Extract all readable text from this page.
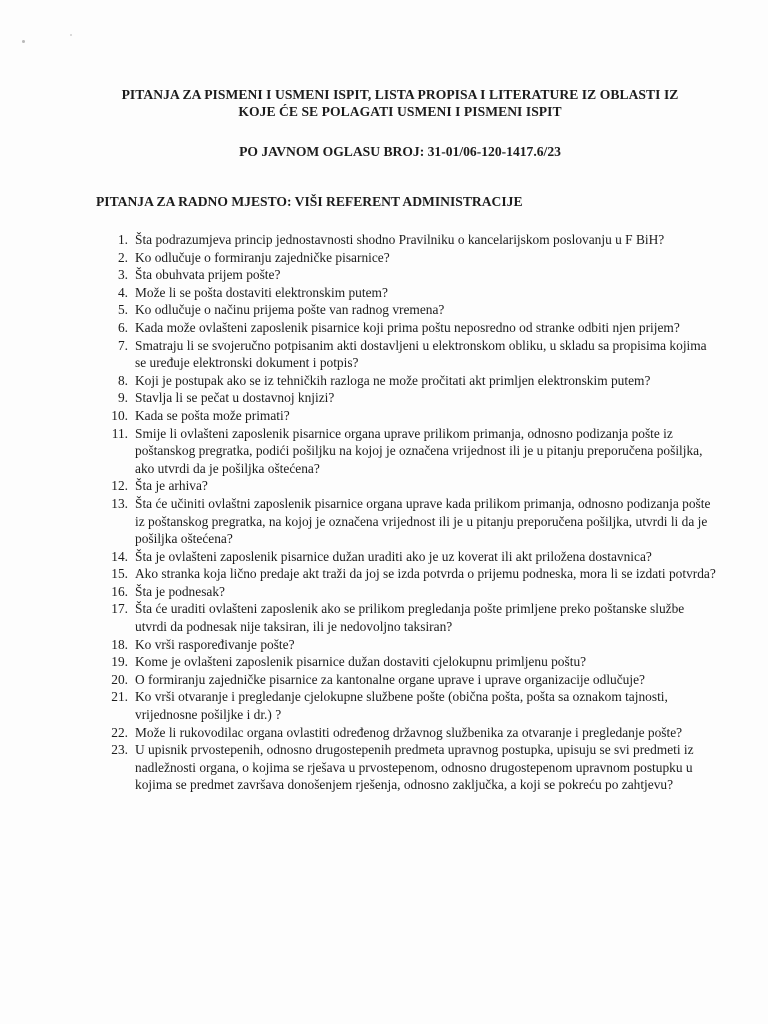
PITANJA ZA PISMENI I USMENI ISPIT, LISTA PROPISA I LITERATURE IZ OBLASTI IZ
KOJE ĆE SE POLAGATI USMENI I PISMENI ISPIT
PO JAVNOM OGLASU BROJ: 31-01/06-120-1417.6/23
PITANJA ZA RADNO MJESTO: VIŠI REFERENT ADMINISTRACIJE
1. Šta podrazumjeva princip jednostavnosti shodno Pravilniku o kancelarijskom poslovanju u F BiH?
2. Ko odlučuje o formiranju zajedničke pisarnice?
3. Šta obuhvata prijem pošte?
4. Može li se pošta dostaviti elektronskim putem?
5. Ko odlučuje o načinu prijema pošte van radnog vremena?
6. Kada može ovlašteni zaposlenik pisarnice koji prima poštu neposredno od stranke odbiti njen prijem?
7. Smatraju li se svojeručno potpisanim akti dostavljeni u elektronskom obliku, u skladu sa propisima kojima se uređuje elektronski dokument i potpis?
8. Koji je postupak ako se iz tehničkih razloga ne može pročitati akt primljen elektronskim putem?
9. Stavlja li se pečat u dostavnoj knjizi?
10. Kada se pošta može primati?
11. Smije li ovlašteni zaposlenik pisarnice organa uprave prilikom primanja, odnosno podizanja pošte iz poštanskog pregratka, podići pošiljku na kojoj je označena vrijednost ili je u pitanju preporučena pošiljka, ako utvrdi da je pošiljka oštećena?
12. Šta je arhiva?
13. Šta će učiniti ovlaštni zaposlenik pisarnice organa uprave kada prilikom primanja, odnosno podizanja pošte iz poštanskog pregratka, na kojoj je označena vrijednost ili je u pitanju preporučena pošiljka, utvrdi li da je pošiljka oštećena?
14. Šta je ovlašteni zaposlenik pisarnice dužan uraditi ako je uz koverat ili akt priložena dostavnica?
15. Ako stranka koja lično predaje akt traži da joj se izda potvrda o prijemu podneska, mora li se izdati potvrda?
16. Šta je podnesak?
17. Šta će uraditi ovlašteni zaposlenik ako se prilikom pregledanja pošte primljene preko poštanske službe utvrdi da podnesak nije taksiran, ili je nedovoljno taksiran?
18. Ko vrši raspoređivanje pošte?
19. Kome je ovlašteni zaposlenik pisarnice dužan dostaviti cjelokupnu primljenu poštu?
20. O formiranju zajedničke pisarnice za kantonalne organe uprave i uprave organizacije odlučuje?
21. Ko vrši otvaranje i pregledanje cjelokupne službene pošte (obična pošta, pošta sa oznakom tajnosti, vrijednosne pošiljke i dr.) ?
22. Može li rukovodilac organa ovlastiti određenog državnog službenika za otvaranje i pregledanje pošte?
23. U upisnik prvostepenih, odnosno drugostepenih predmeta upravnog postupka, upisuju se svi predmeti iz nadležnosti organa, o kojima se rješava u prvostepenom, odnosno drugostepenom upravnom postupku u kojima se predmet završava donošenjem rješenja, odnosno zaključka, a koji se pokreću po zahtjevu?
